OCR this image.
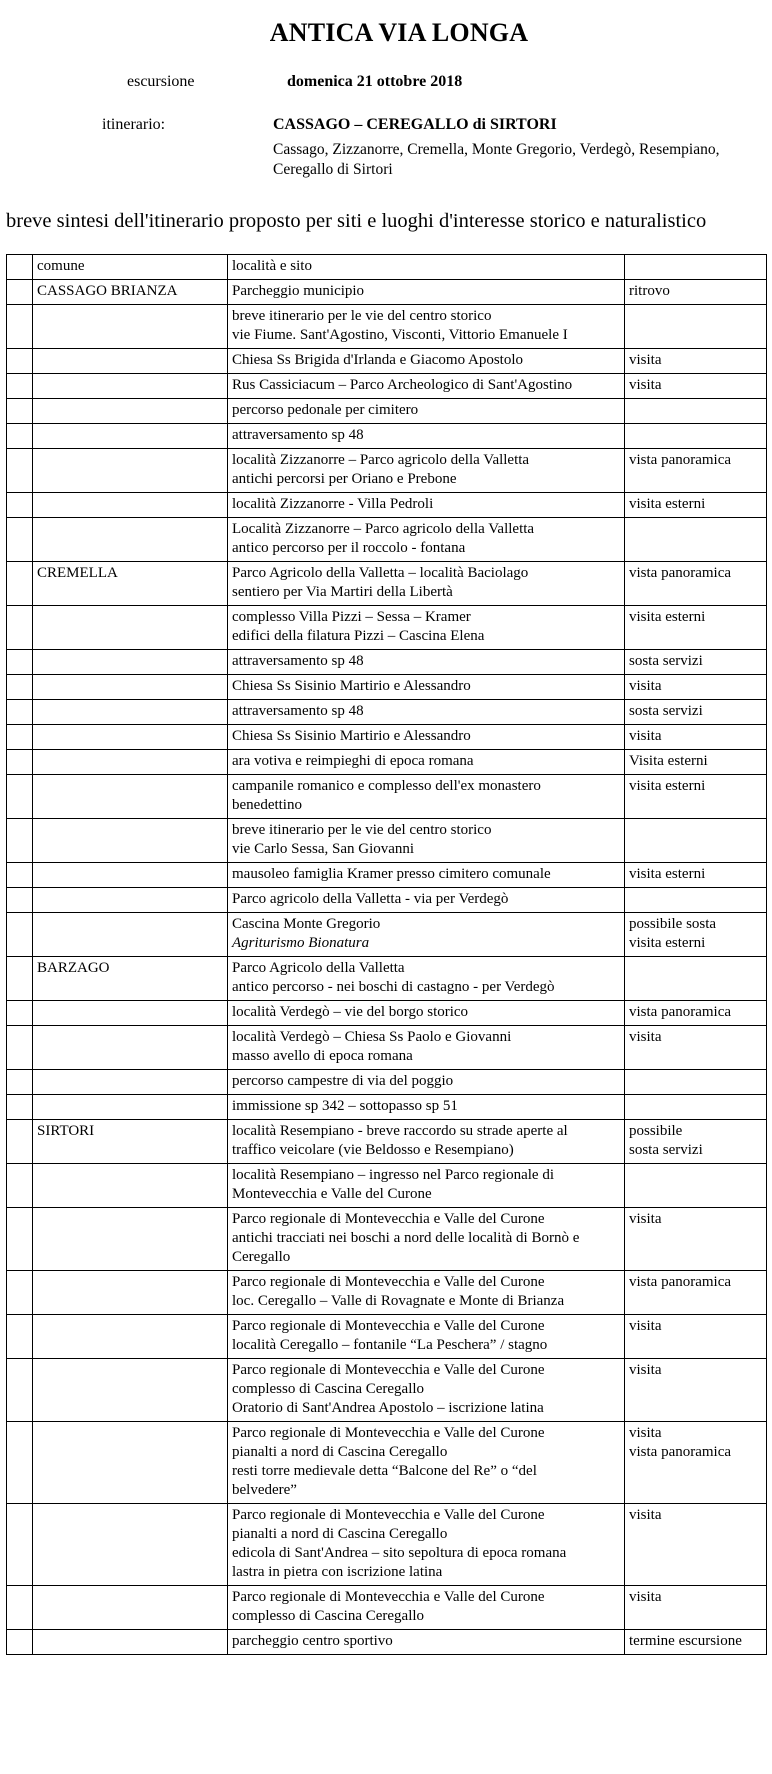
ANTICA VIA LONGA
escursione	domenica 21 ottobre 2018
itinerario:	CASSAGO – CEREGALLO di SIRTORI
Cassago, Zizzanorre, Cremella, Monte Gregorio, Verdegò, Resempiano, Ceregallo di Sirtori
breve sintesi dell'itinerario proposto per siti e luoghi d'interesse storico e naturalistico
	comune	località e sito	
	CASSAGO BRIANZA	Parcheggio municipio	ritrovo
		breve itinerario per le vie del centro storico
vie Fiume. Sant'Agostino, Visconti, Vittorio Emanuele I	
		Chiesa Ss Brigida d'Irlanda e Giacomo Apostolo	visita
		Rus Cassiciacum – Parco Archeologico di Sant'Agostino	visita
		percorso pedonale per cimitero	
		attraversamento sp 48	
		località Zizzanorre – Parco agricolo della Valletta
antichi percorsi per Oriano e Prebone	vista panoramica
		località Zizzanorre - Villa Pedroli	visita esterni
		Località Zizzanorre – Parco agricolo della Valletta
antico percorso per il roccolo - fontana	
	CREMELLA	Parco Agricolo della Valletta – località Baciolago
sentiero per Via Martiri della Libertà	vista panoramica
		complesso Villa Pizzi – Sessa – Kramer
edifici della filatura Pizzi – Cascina Elena	visita esterni
		attraversamento sp 48	sosta servizi
		Chiesa Ss Sisinio Martirio e Alessandro	visita
		attraversamento sp 48	sosta servizi
		Chiesa Ss Sisinio Martirio e Alessandro	visita
		ara votiva e reimpieghi di epoca romana	Visita esterni
		campanile romanico e complesso dell'ex monastero
benedettino	visita esterni
		breve itinerario per le vie del centro storico
vie Carlo Sessa, San Giovanni	
		mausoleo famiglia Kramer presso cimitero comunale	visita esterni
		Parco agricolo della Valletta - via per Verdegò	
		Cascina Monte Gregorio
Agriturismo Bionatura	possibile sosta
visita esterni
	BARZAGO	Parco Agricolo della Valletta
antico percorso - nei boschi di castagno - per Verdegò	
		località Verdegò – vie del borgo storico	vista panoramica
		località Verdegò – Chiesa Ss Paolo e Giovanni
masso avello di epoca romana	visita
		percorso campestre di via del poggio	
		immissione sp 342 – sottopasso sp 51	
	SIRTORI	località Resempiano - breve raccordo su strade aperte al
traffico veicolare (vie Beldosso e Resempiano)	possibile
sosta servizi
		località Resempiano – ingresso nel Parco regionale di
Montevecchia e Valle del Curone	
		Parco regionale di Montevecchia e Valle del Curone
antichi tracciati nei boschi a nord delle località di Bornò e
Ceregallo	visita
		Parco regionale di Montevecchia e Valle del Curone
loc. Ceregallo – Valle di Rovagnate e Monte di Brianza	vista panoramica
		Parco regionale di Montevecchia e Valle del Curone
località Ceregallo – fontanile “La Peschera” / stagno	visita
		Parco regionale di Montevecchia e Valle del Curone
complesso di Cascina Ceregallo
Oratorio di Sant'Andrea Apostolo – iscrizione latina	visita
		Parco regionale di Montevecchia e Valle del Curone
pianalti a nord di Cascina Ceregallo
resti torre medievale detta “Balcone del Re” o “del
belvedere”	visita
vista panoramica
		Parco regionale di Montevecchia e Valle del Curone
pianalti a nord di Cascina Ceregallo
edicola di Sant'Andrea – sito sepoltura di epoca romana
lastra in pietra con iscrizione latina	visita
		Parco regionale di Montevecchia e Valle del Curone
complesso di Cascina Ceregallo	visita
		parcheggio centro sportivo	termine escursione
